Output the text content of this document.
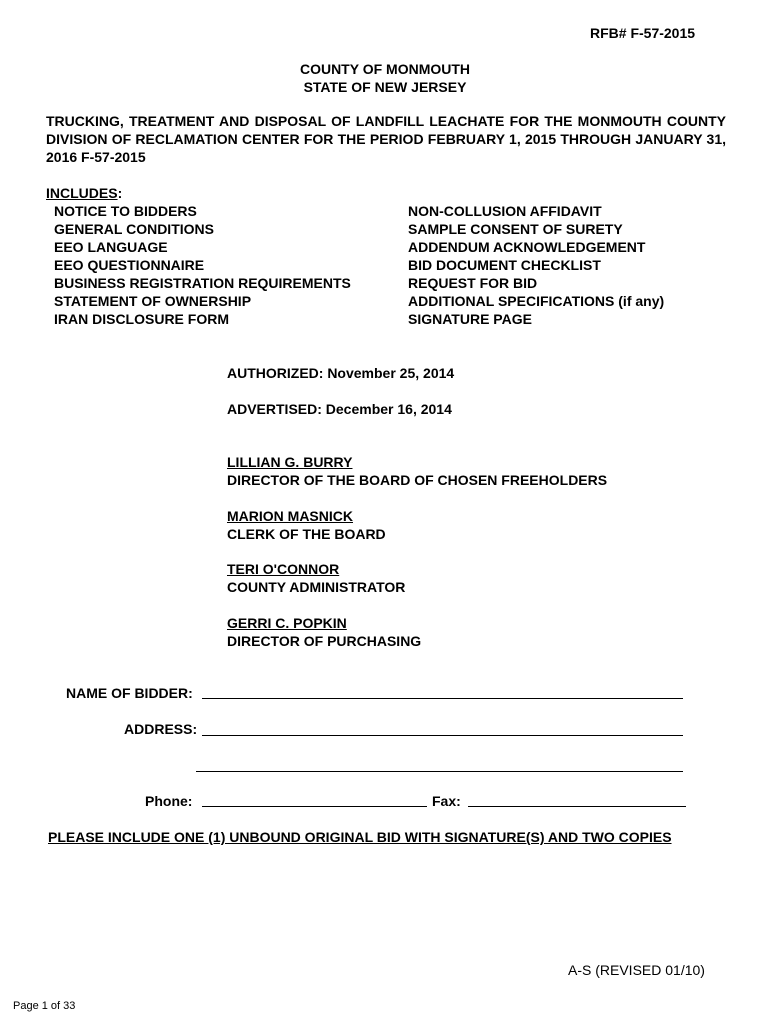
RFB# F-57-2015
COUNTY OF MONMOUTH
STATE OF NEW JERSEY
TRUCKING, TREATMENT AND DISPOSAL OF LANDFILL LEACHATE FOR THE MONMOUTH COUNTY DIVISION OF RECLAMATION CENTER FOR THE PERIOD FEBRUARY 1, 2015 THROUGH JANUARY 31, 2016 F-57-2015
INCLUDES:
NOTICE TO BIDDERS
GENERAL CONDITIONS
EEO LANGUAGE
EEO QUESTIONNAIRE
BUSINESS REGISTRATION REQUIREMENTS
STATEMENT OF OWNERSHIP
IRAN DISCLOSURE FORM
NON-COLLUSION AFFIDAVIT
SAMPLE CONSENT OF SURETY
ADDENDUM ACKNOWLEDGEMENT
BID DOCUMENT CHECKLIST
REQUEST FOR BID
ADDITIONAL SPECIFICATIONS (if any)
SIGNATURE PAGE
AUTHORIZED: November 25, 2014
ADVERTISED: December 16, 2014
LILLIAN G. BURRY
DIRECTOR OF THE BOARD OF CHOSEN FREEHOLDERS
MARION MASNICK
CLERK OF THE BOARD
TERI O'CONNOR
COUNTY ADMINISTRATOR
GERRI C. POPKIN
DIRECTOR OF PURCHASING
NAME OF BIDDER:
ADDRESS:
Phone:	Fax:
PLEASE INCLUDE ONE (1) UNBOUND ORIGINAL BID WITH SIGNATURE(S) AND TWO COPIES
A-S (REVISED 01/10)
Page 1 of 33
